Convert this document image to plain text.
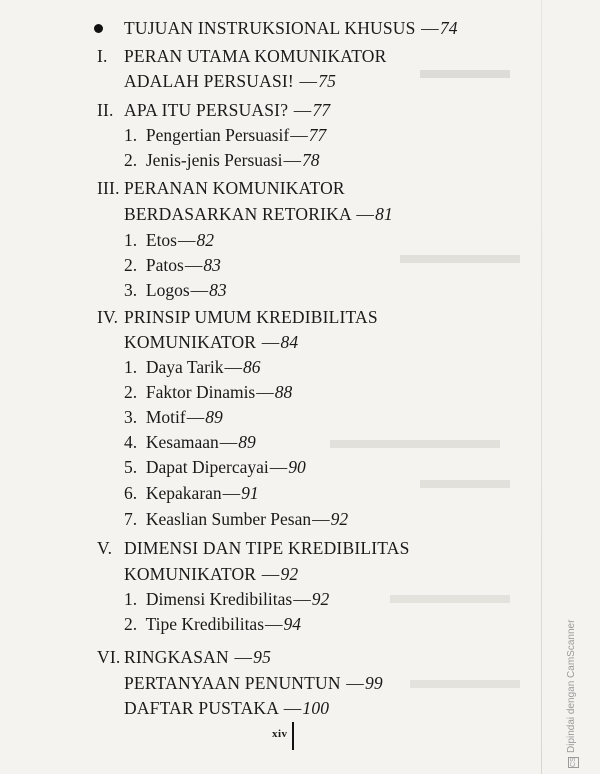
TUJUAN INSTRUKSIONAL KHUSUS —74
I. PERAN UTAMA KOMUNIKATOR
ADALAH PERSUASI! —75
II. APA ITU PERSUASI? —77
1. Pengertian Persuasif—77
2. Jenis-jenis Persuasi—78
III. PERANAN KOMUNIKATOR
BERDASARKAN RETORIKA —81
1. Etos—82
2. Patos—83
3. Logos—83
IV. PRINSIP UMUM KREDIBILITAS
KOMUNIKATOR —84
1. Daya Tarik—86
2. Faktor Dinamis—88
3. Motif—89
4. Kesamaan—89
5. Dapat Dipercayai—90
6. Kepakaran—91
7. Keaslian Sumber Pesan—92
V. DIMENSI DAN TIPE KREDIBILITAS
KOMUNIKATOR —92
1. Dimensi Kredibilitas—92
2. Tipe Kredibilitas—94
VI. RINGKASAN —95
PERTANYAAN PENUNTUN —99
DAFTAR PUSTAKA —100
xiv
CSDipindai dengan CamScanner
